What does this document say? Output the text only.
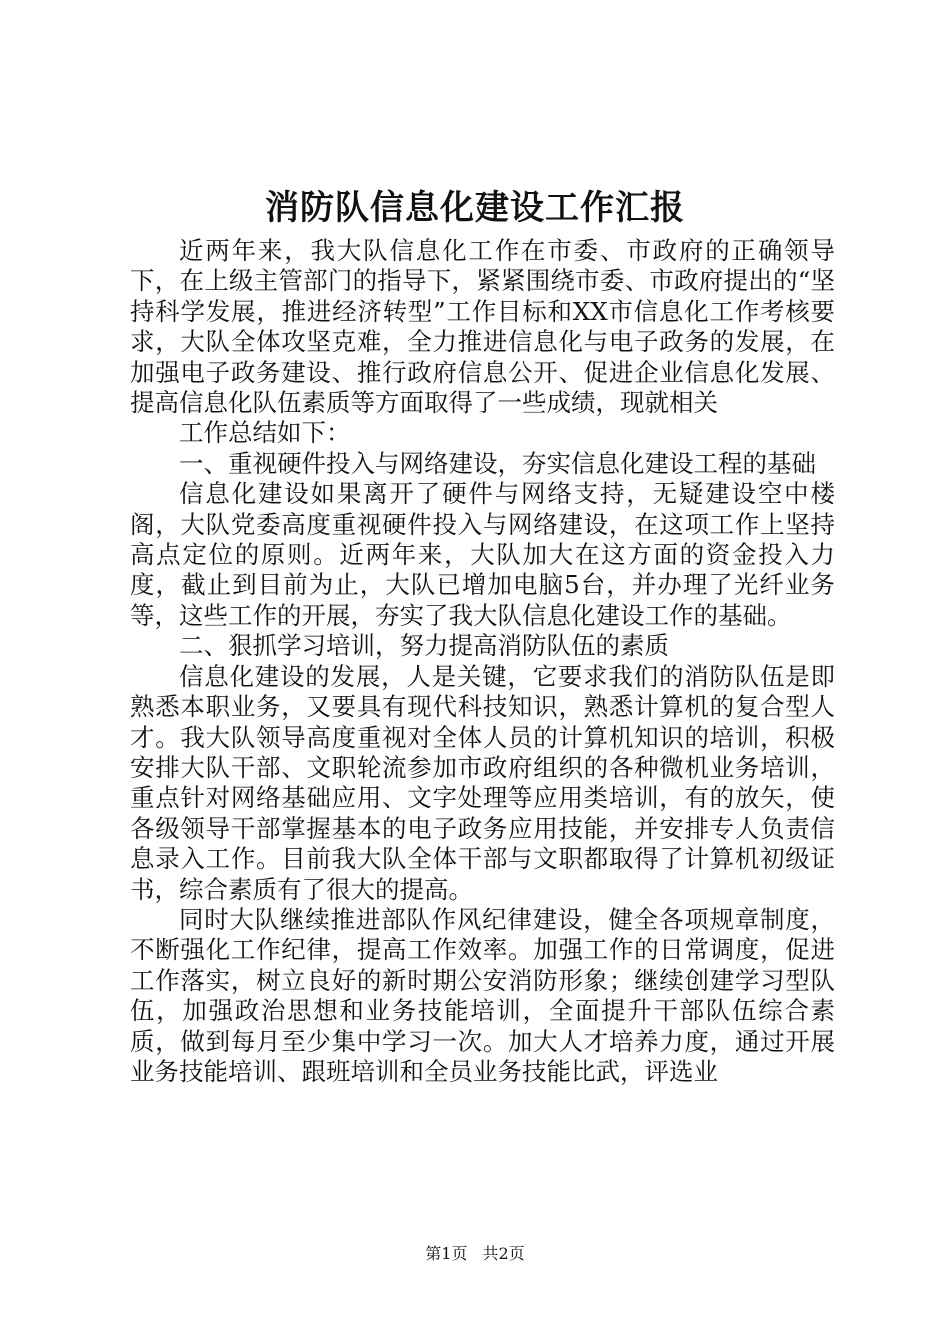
消防队信息化建设工作汇报

近两年来，我大队信息化工作在市委、市政府的正确领导下，在上级主管部门的指导下，紧紧围绕市委、市政府提出的“坚持科学发展，推进经济转型”工作目标和XX市信息化工作考核要求，大队全体攻坚克难，全力推进信息化与电子政务的发展，在加强电子政务建设、推行政府信息公开、促进企业信息化发展、提高信息化队伍素质等方面取得了一些成绩，现就相关

工作总结如下：

一、重视硬件投入与网络建设，夯实信息化建设工程的基础

信息化建设如果离开了硬件与网络支持，无疑建设空中楼阁，大队党委高度重视硬件投入与网络建设，在这项工作上坚持高点定位的原则。近两年来，大队加大在这方面的资金投入力度，截止到目前为止，大队已增加电脑5台，并办理了光纤业务等，这些工作的开展，夯实了我大队信息化建设工作的基础。

二、狠抓学习培训，努力提高消防队伍的素质

信息化建设的发展，人是关键，它要求我们的消防队伍是即熟悉本职业务，又要具有现代科技知识，熟悉计算机的复合型人才。我大队领导高度重视对全体人员的计算机知识的培训，积极安排大队干部、文职轮流参加市政府组织的各种微机业务培训，重点针对网络基础应用、文字处理等应用类培训，有的放矢，使各级领导干部掌握基本的电子政务应用技能，并安排专人负责信息录入工作。目前我大队全体干部与文职都取得了计算机初级证书，综合素质有了很大的提高。

同时大队继续推进部队作风纪律建设，健全各项规章制度，不断强化工作纪律，提高工作效率。加强工作的日常调度，促进工作落实，树立良好的新时期公安消防形象；继续创建学习型队伍，加强政治思想和业务技能培训，全面提升干部队伍综合素质，做到每月至少集中学习一次。加大人才培养力度，通过开展业务技能培训、跟班培训和全员业务技能比武，评选业

第1页 共2页
